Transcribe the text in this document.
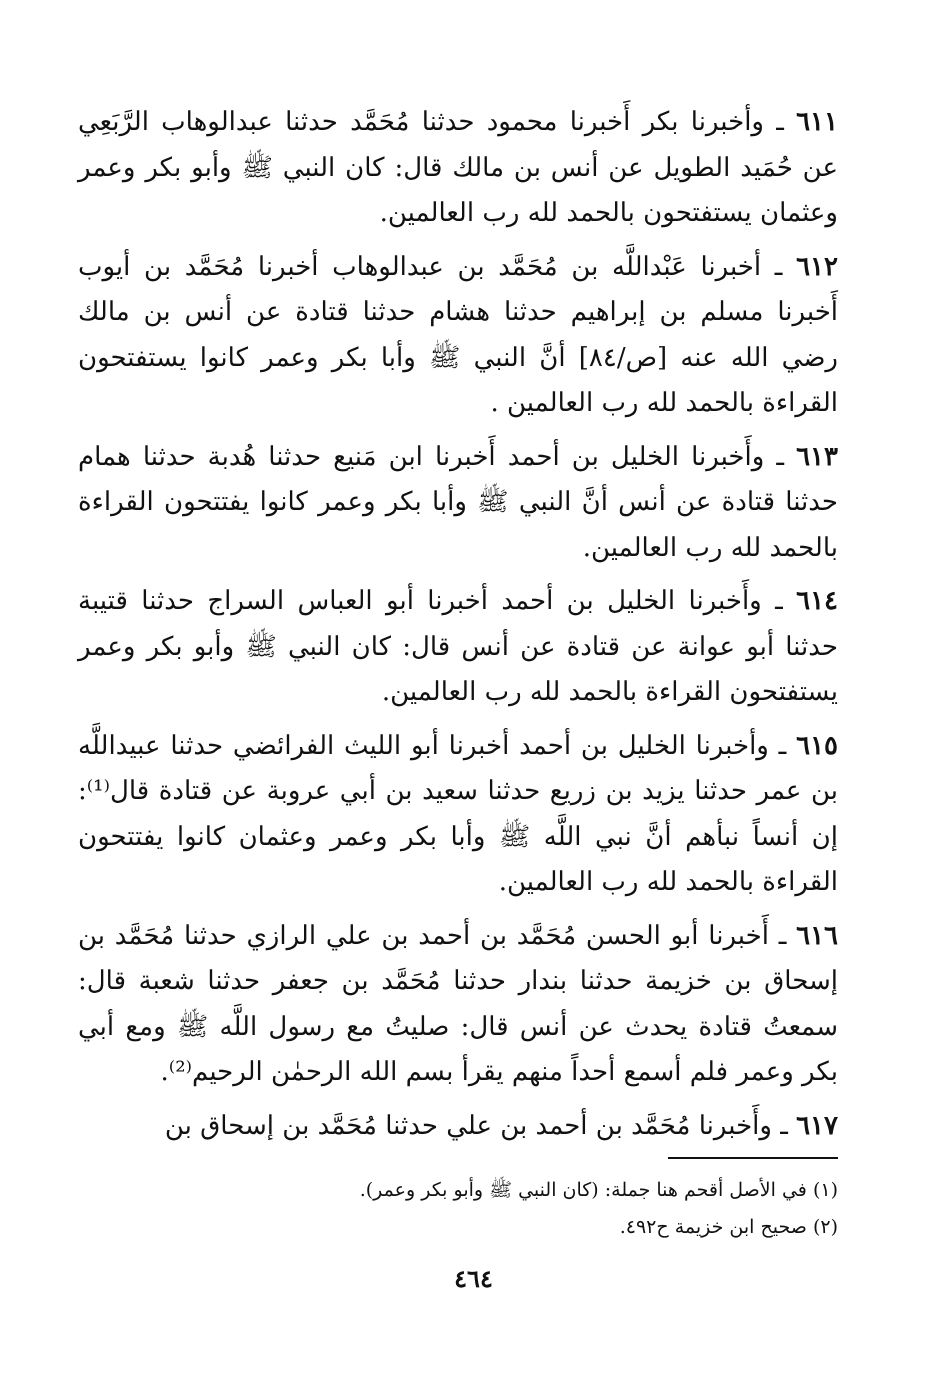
٦١١ ـ وأخبرنا بكر أَخبرنا محمود حدثنا مُحَمَّد حدثنا عبدالوهاب الرَّبَعِي عن حُمَيد الطويل عن أنس بن مالك قال: كان النبي ﷺ وأبو بكر وعمر وعثمان يستفتحون بالحمد لله رب العالمين.

٦١٢ ـ أخبرنا عَبْداللَّه بن مُحَمَّد بن عبدالوهاب أخبرنا مُحَمَّد بن أيوب أَخبرنا مسلم بن إبراهيم حدثنا هشام حدثنا قتادة عن أنس بن مالك رضي الله عنه [ص/٨٤] أنَّ النبي ﷺ وأبا بكر وعمر كانوا يستفتحون القراءة بالحمد لله رب العالمين .

٦١٣ ـ وأَخبرنا الخليل بن أحمد أَخبرنا ابن مَنيع حدثنا هُدبة حدثنا همام حدثنا قتادة عن أنس أنَّ النبي ﷺ وأبا بكر وعمر كانوا يفتتحون القراءة بالحمد لله رب العالمين.

٦١٤ ـ وأَخبرنا الخليل بن أحمد أخبرنا أبو العباس السراج حدثنا قتيبة حدثنا أبو عوانة عن قتادة عن أنس قال: كان النبي ﷺ وأبو بكر وعمر يستفتحون القراءة بالحمد لله رب العالمين.

٦١٥ ـ وأخبرنا الخليل بن أحمد أخبرنا أبو الليث الفرائضي حدثنا عبيداللَّه بن عمر حدثنا يزيد بن زريع حدثنا سعيد بن أبي عروبة عن قتادة قال⁽¹⁾: إن أنساً نبأهم أنَّ نبي اللَّه ﷺ وأبا بكر وعمر وعثمان كانوا يفتتحون القراءة بالحمد لله رب العالمين.

٦١٦ ـ أَخبرنا أبو الحسن مُحَمَّد بن أحمد بن علي الرازي حدثنا مُحَمَّد بن إسحاق بن خزيمة حدثنا بندار حدثنا مُحَمَّد بن جعفر حدثنا شعبة قال: سمعتُ قتادة يحدث عن أنس قال: صليتُ مع رسول اللَّه ﷺ ومع أبي بكر وعمر فلم أسمع أحداً منهم يقرأ بسم الله الرحمٰن الرحيم⁽²⁾.

٦١٧ ـ وأَخبرنا مُحَمَّد بن أحمد بن علي حدثنا مُحَمَّد بن إسحاق بن

(١) في الأصل أقحم هنا جملة: (كان النبي ﷺ وأبو بكر وعمر).

(٢) صحيح ابن خزيمة ح٤٩٢.

٤٦٤
